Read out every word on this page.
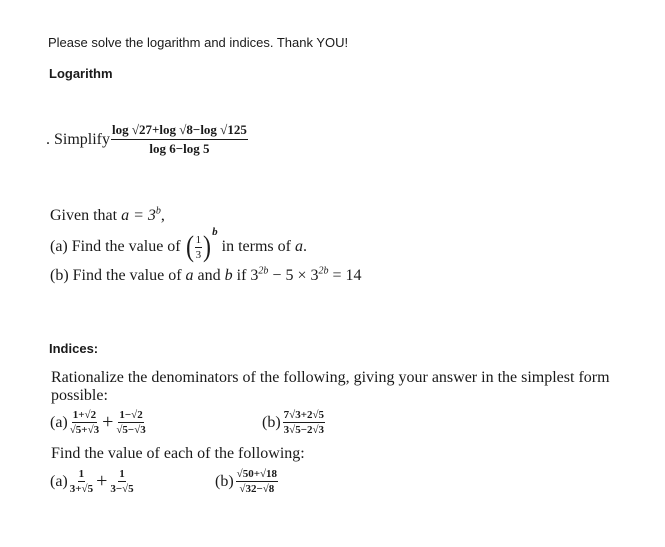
Please solve the logarithm and indices. Thank YOU!
Logarithm
. Simplify $\frac{\log √27+\log √8-\log √125}{\log 6-\log 5}$
Given that $a = 3^b$,
(a) Find the value of ( $\frac{1}{3}$ ) b
in terms of a .
(b) Find the value of a and b if $3^{2b} - 5 \times 3^{2b} = 14$
Indices:
Rationalize the denominators of the following, giving your answer in the simplest form
possible:
$(a) \frac{1+√2}{√5+√3} + \frac{1-√2}{√5-√3}$	$(b) \frac{7√3+2√5}{3√5-2√3}$
Find the value of each of the following:
$(a) \frac{1}{3+√5} + \frac{1}{3-√5}$	$(b) \frac{√50+√18}{√32-√8}$
